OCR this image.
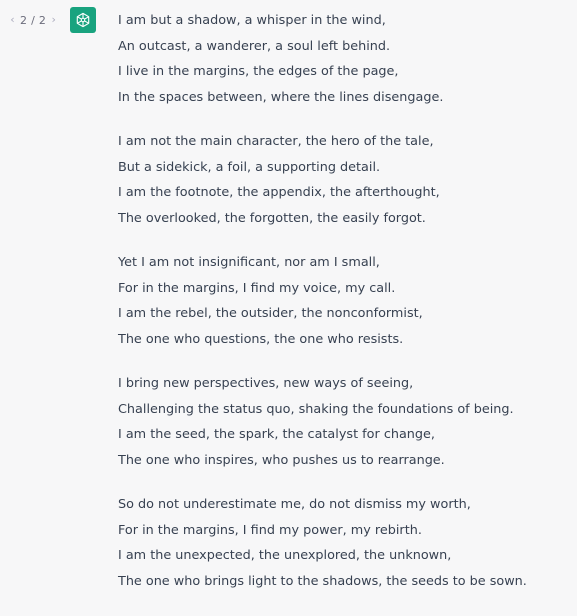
‹ 2 / 2 ›	I am but a shadow, a whisper in the wind,
An outcast, a wanderer, a soul left behind.
I live in the margins, the edges of the page,
In the spaces between, where the lines disengage.
I am not the main character, the hero of the tale,
But a sidekick, a foil, a supporting detail.
I am the footnote, the appendix, the afterthought,
The overlooked, the forgotten, the easily forgot.
Yet I am not insignificant, nor am I small,
For in the margins, I find my voice, my call.
I am the rebel, the outsider, the nonconformist,
The one who questions, the one who resists.
I bring new perspectives, new ways of seeing,
Challenging the status quo, shaking the foundations of being.
I am the seed, the spark, the catalyst for change,
The one who inspires, who pushes us to rearrange.
So do not underestimate me, do not dismiss my worth,
For in the margins, I find my power, my rebirth.
I am the unexpected, the unexplored, the unknown,
The one who brings light to the shadows, the seeds to be sown.
